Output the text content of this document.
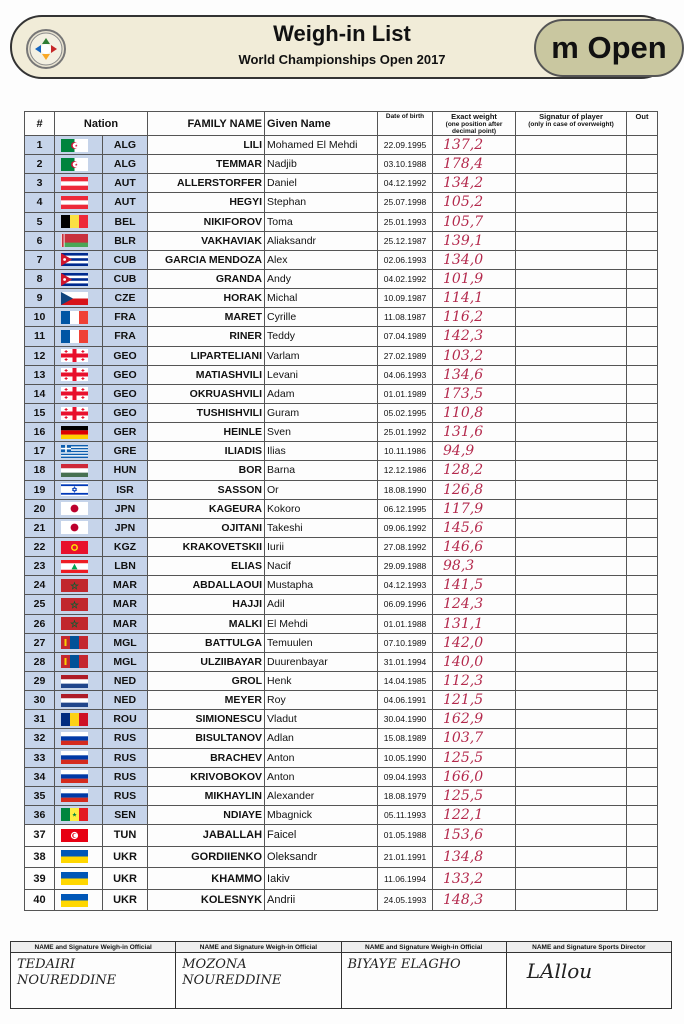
Weigh-in List
World Championships Open 2017	m Open
#	Nation		FAMILY NAME	Given Name	Date of birth	Exact weight
(one position after decimal point)	Signatur of player
(only in case of overweight)	Out
1		ALG	LILI	Mohamed El Mehdi	22.09.1995	137,2		
2		ALG	TEMMAR	Nadjib	03.10.1988	178,4		
3		AUT	ALLERSTORFER	Daniel	04.12.1992	134,2		
4		AUT	HEGYI	Stephan	25.07.1998	105,2		
5		BEL	NIKIFOROV	Toma	25.01.1993	105,7		
6		BLR	VAKHAVIAK	Aliaksandr	25.12.1987	139,1		
7		CUB	GARCIA MENDOZA	Alex	02.06.1993	134,0		
8		CUB	GRANDA	Andy	04.02.1992	101,9		
9		CZE	HORAK	Michal	10.09.1987	114,1		
10		FRA	MARET	Cyrille	11.08.1987	116,2		
11		FRA	RINER	Teddy	07.04.1989	142,3		
12		GEO	LIPARTELIANI	Varlam	27.02.1989	103,2		
13		GEO	MATIASHVILI	Levani	04.06.1993	134,6		
14		GEO	OKRUASHVILI	Adam	01.01.1989	173,5		
15		GEO	TUSHISHVILI	Guram	05.02.1995	110,8		
16		GER	HEINLE	Sven	25.01.1992	131,6		
17		GRE	ILIADIS	Ilias	10.11.1986	94,9		
18		HUN	BOR	Barna	12.12.1986	128,2		
19		ISR	SASSON	Or	18.08.1990	126,8		
20		JPN	KAGEURA	Kokoro	06.12.1995	117,9		
21		JPN	OJITANI	Takeshi	09.06.1992	145,6		
22		KGZ	KRAKOVETSKII	Iurii	27.08.1992	146,6		
23		LBN	ELIAS	Nacif	29.09.1988	98,3		
24		MAR	ABDALLAOUI	Mustapha	04.12.1993	141,5		
25		MAR	HAJJI	Adil	06.09.1996	124,3		
26		MAR	MALKI	El Mehdi	01.01.1988	131,1		
27		MGL	BATTULGA	Temuulen	07.10.1989	142,0		
28		MGL	ULZIIBAYAR	Duurenbayar	31.01.1994	140,0		
29		NED	GROL	Henk	14.04.1985	112,3		
30		NED	MEYER	Roy	04.06.1991	121,5		
31		ROU	SIMIONESCU	Vladut	30.04.1990	162,9		
32		RUS	BISULTANOV	Adlan	15.08.1989	103,7		
33		RUS	BRACHEV	Anton	10.05.1990	125,5		
34		RUS	KRIVOBOKOV	Anton	09.04.1993	166,0		
35		RUS	MIKHAYLIN	Alexander	18.08.1979	125,5		
36		SEN	NDIAYE	Mbagnick	05.11.1993	122,1		
37		TUN	JABALLAH	Faicel	01.05.1988	153,6		
38		UKR	GORDIIENKO	Oleksandr	21.01.1991	134,8		
39		UKR	KHAMMO	Iakiv	11.06.1994	133,2		
40		UKR	KOLESNYK	Andrii	24.05.1993	148,3		
NAME and Signature Weigh-in Official
TEDAIRI NOUREDDINE
NAME and Signature Weigh-in Official
MOZONA NOUREDDINE
NAME and Signature Weigh-in Official
BIYAYE ELAGHO
NAME and Signature Sports Director
LAllou
